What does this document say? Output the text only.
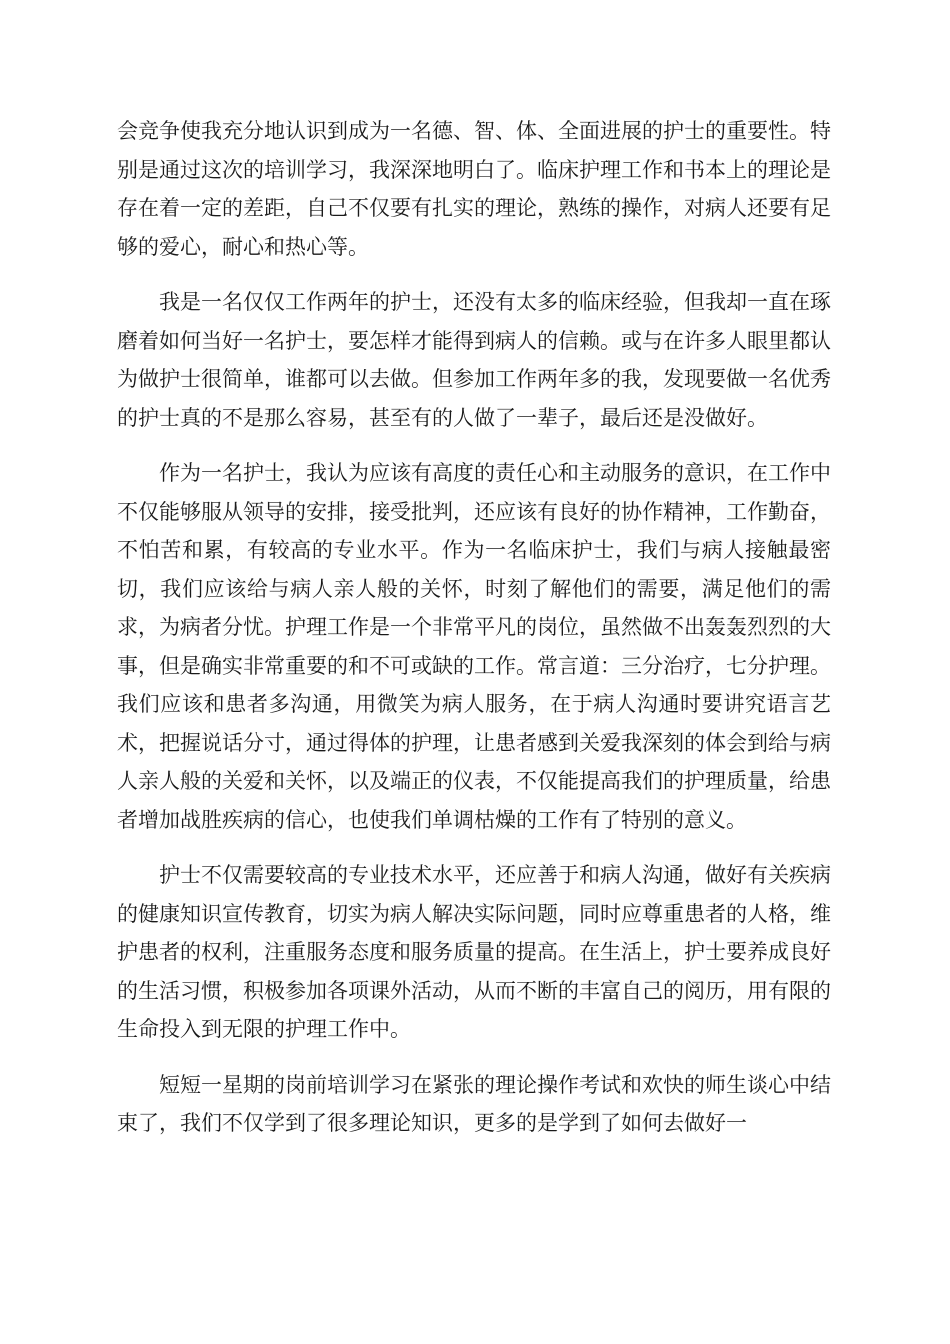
会竞争使我充分地认识到成为一名德、智、体、全面进展的护士的重要性。特别是通过这次的培训学习，我深深地明白了。临床护理工作和书本上的理论是存在着一定的差距，自己不仅要有扎实的理论，熟练的操作，对病人还要有足够的爱心，耐心和热心等。

我是一名仅仅工作两年的护士，还没有太多的临床经验，但我却一直在琢磨着如何当好一名护士，要怎样才能得到病人的信赖。或与在许多人眼里都认为做护士很简单，谁都可以去做。但参加工作两年多的我，发现要做一名优秀的护士真的不是那么容易，甚至有的人做了一辈子，最后还是没做好。

作为一名护士，我认为应该有高度的责任心和主动服务的意识，在工作中不仅能够服从领导的安排，接受批判，还应该有良好的协作精神，工作勤奋，不怕苦和累，有较高的专业水平。作为一名临床护士，我们与病人接触最密切，我们应该给与病人亲人般的关怀，时刻了解他们的需要，满足他们的需求，为病者分忧。护理工作是一个非常平凡的岗位，虽然做不出轰轰烈烈的大事，但是确实非常重要的和不可或缺的工作。常言道：三分治疗，七分护理。我们应该和患者多沟通，用微笑为病人服务，在于病人沟通时要讲究语言艺术，把握说话分寸，通过得体的护理，让患者感到关爱我深刻的体会到给与病人亲人般的关爱和关怀，以及端正的仪表，不仅能提高我们的护理质量，给患者增加战胜疾病的信心，也使我们单调枯燥的工作有了特别的意义。

护士不仅需要较高的专业技术水平，还应善于和病人沟通，做好有关疾病的健康知识宣传教育，切实为病人解决实际问题，同时应尊重患者的人格，维护患者的权利，注重服务态度和服务质量的提高。在生活上，护士要养成良好的生活习惯，积极参加各项课外活动，从而不断的丰富自己的阅历，用有限的生命投入到无限的护理工作中。

短短一星期的岗前培训学习在紧张的理论操作考试和欢快的师生谈心中结束了，我们不仅学到了很多理论知识，更多的是学到了如何去做好一
